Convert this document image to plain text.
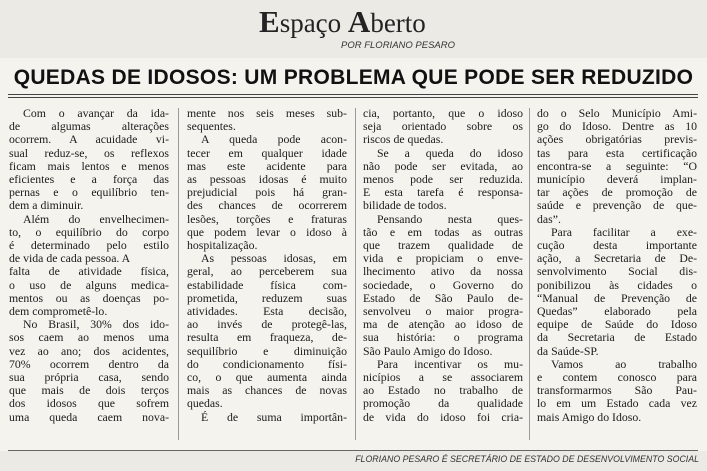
Espaço Aberto
POR FLORIANO PESARO
QUEDAS DE IDOSOS: UM PROBLEMA QUE PODE SER REDUZIDO
Com o avançar da ida-
de algumas alterações
ocorrem. A acuidade vi-
sual reduz-se, os reflexos
ficam mais lentos e menos
eficientes e a força das
pernas e o equilíbrio ten-
dem a diminuir.
Além do envelhecimen-
to, o equilíbrio do corpo
é determinado pelo estilo
de vida de cada pessoa. A
falta de atividade física,
o uso de alguns medica-
mentos ou as doenças po-
dem comprometê-lo.
No Brasil, 30% dos ido-
sos caem ao menos uma
vez ao ano; dos acidentes,
70% ocorrem dentro da
sua própria casa, sendo
que mais de dois terços
dos idosos que sofrem
uma queda caem nova-
mente nos seis meses sub-
sequentes.
A queda pode acon-
tecer em qualquer idade
mas este acidente para
as pessoas idosas é muito
prejudicial pois há gran-
des chances de ocorrerem
lesões, torções e fraturas
que podem levar o idoso à
hospitalização.
As pessoas idosas, em
geral, ao perceberem sua
estabilidade física com-
prometida, reduzem suas
atividades. Esta decisão,
ao invés de protegê-las,
resulta em fraqueza, de-
sequilíbrio e diminuição
do condicionamento físi-
co, o que aumenta ainda
mais as chances de novas
quedas.
É de suma importân-
cia, portanto, que o idoso
seja orientado sobre os
riscos de quedas.
Se a queda do idoso
não pode ser evitada, ao
menos pode ser reduzida.
E esta tarefa é responsa-
bilidade de todos.
Pensando nesta ques-
tão e em todas as outras
que trazem qualidade de
vida e propiciam o enve-
lhecimento ativo da nossa
sociedade, o Governo do
Estado de São Paulo de-
senvolveu o maior progra-
ma de atenção ao idoso de
sua história: o programa
São Paulo Amigo do Idoso.
Para incentivar os mu-
nicípios a se associarem
ao Estado no trabalho de
promoção da qualidade
de vida do idoso foi cria-
do o Selo Município Ami-
go do Idoso. Dentre as 10
ações obrigatórias previs-
tas para esta certificação
encontra-se a seguinte: “O
município deverá implan-
tar ações de promoção de
saúde e prevenção de que-
das”.
Para facilitar a exe-
cução desta importante
ação, a Secretaria de De-
senvolvimento Social dis-
ponibilizou às cidades o
“Manual de Prevenção de
Quedas” elaborado pela
equipe de Saúde do Idoso
da Secretaria de Estado
da Saúde-SP.
Vamos ao trabalho
e contem conosco para
transformarmos São Pau-
lo em um Estado cada vez
mais Amigo do Idoso.
FLORIANO PESARO É SECRETÁRIO DE ESTADO DE DESENVOLVIMENTO SOCIAL
